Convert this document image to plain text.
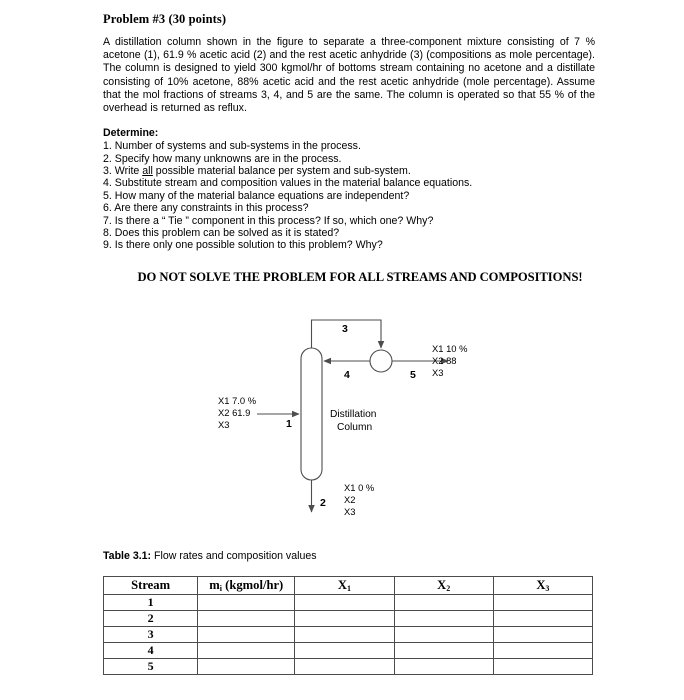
Problem #3 (30 points)

A distillation column shown in the figure to separate a three-component mixture consisting of 7 % acetone (1), 61.9 % acetic acid (2) and the rest acetic anhydride (3) (compositions as mole percentage). The column is designed to yield 300 kgmol/hr of bottoms stream containing no acetone and a distillate consisting of 10% acetone, 88% acetic acid and the rest acetic anhydride (mole percentage). Assume that the mol fractions of streams 3, 4, and 5 are the same. The column is operated so that 55 % of the overhead is returned as reflux.

Determine:
1. Number of systems and sub-systems in the process.
2. Specify how many unknowns are in the process.
3. Write all possible material balance per system and sub-system.
4. Substitute stream and composition values in the material balance equations.
5. How many of the material balance equations are independent?
6. Are there any constraints in this process?
7. Is there a “ Tie ” component in this process? If so, which one? Why?
8. Does this problem can be solved as it is stated?
9. Is there only one possible solution to this problem? Why?

DO NOT SOLVE THE PROBLEM FOR ALL STREAMS AND COMPOSITIONS!

Distillation
Column
3
4	5
1
2
X1 7.0 %
X2 61.9
X3
X1 10 %
X2 88
X3
X1 0 %
X2
X3
Table 3.1: Flow rates and composition values
Stream	$m_i$ (kgmol/hr)	$X_1$	$X_2$	$X_3$
1				
2				
3				
4				
5				
